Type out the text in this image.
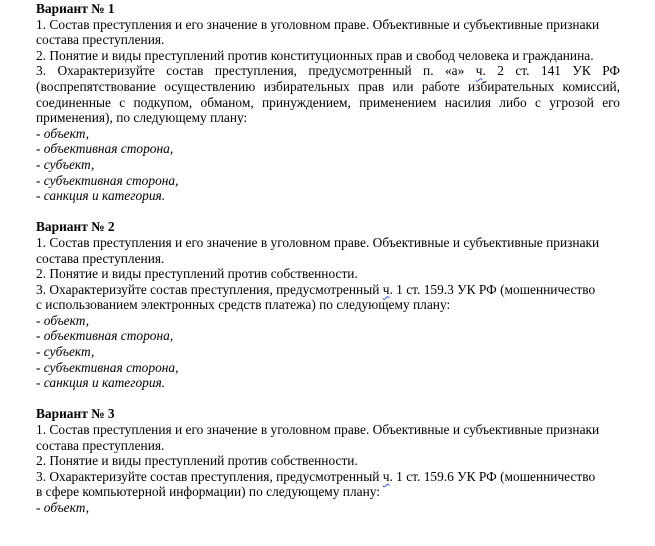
Вариант № 1

1. Состав преступления и его значение в уголовном праве. Объективные и субъективные признаки

состава преступления.

2. Понятие и виды преступлений против конституционных прав и свобод человека и гражданина.

3. Охарактеризуйте состав преступления, предусмотренный п. «а» ч. 2 ст. 141 УК РФ

(воспрепятствование осуществлению избирательных прав или работе избирательных комиссий,

соединенные с подкупом, обманом, принуждением, применением насилия либо с угрозой его

применения), по следующему плану:

- объект,

- объективная сторона,

- субъект,

- субъективная сторона,

- санкция и категория.

Вариант № 2

1. Состав преступления и его значение в уголовном праве. Объективные и субъективные признаки

состава преступления.

2. Понятие и виды преступлений против собственности.

3. Охарактеризуйте состав преступления, предусмотренный ч. 1 ст. 159.3 УК РФ (мошенничество

с использованием электронных средств платежа) по следующему плану:

- объект,

- объективная сторона,

- субъект,

- субъективная сторона,

- санкция и категория.

Вариант № 3

1. Состав преступления и его значение в уголовном праве. Объективные и субъективные признаки

состава преступления.

2. Понятие и виды преступлений против собственности.

3. Охарактеризуйте состав преступления, предусмотренный ч. 1 ст. 159.6 УК РФ (мошенничество

в сфере компьютерной информации) по следующему плану:

- объект,
